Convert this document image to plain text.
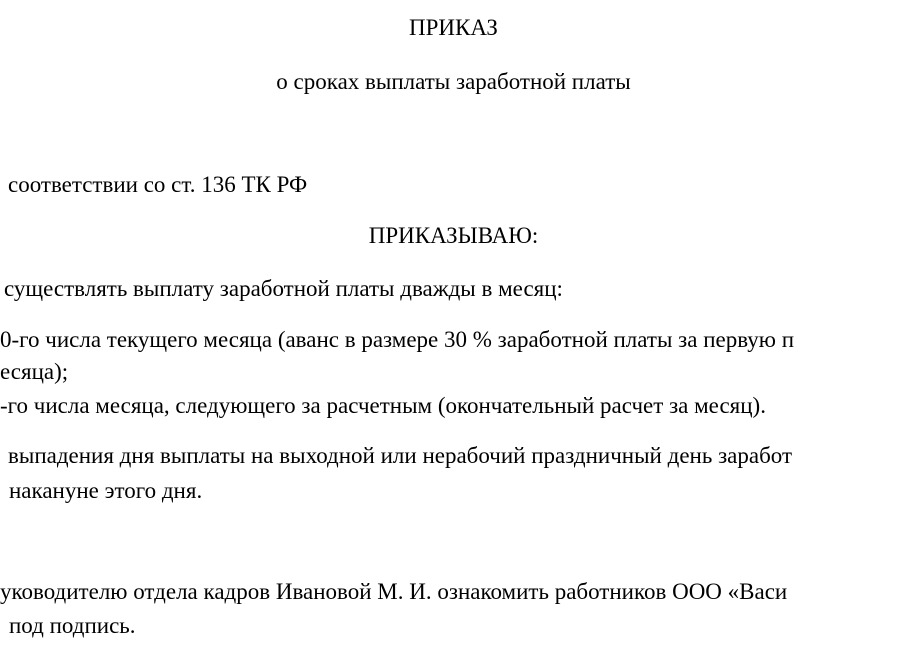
ПРИКАЗ

о сроках выплаты заработной платы

соответствии со ст. 136 ТК РФ

ПРИКАЗЫВАЮ:

существлять выплату заработной платы дважды в месяц:

0-го числа текущего месяца (аванс в размере 30 % заработной платы за первую п

есяца);

-го числа месяца, следующего за расчетным (окончательный расчет за месяц).

выпадения дня выплаты на выходной или нерабочий праздничный день заработ

накануне этого дня.

уководителю отдела кадров Ивановой М. И. ознакомить работников ООО «Васи

под подпись.
